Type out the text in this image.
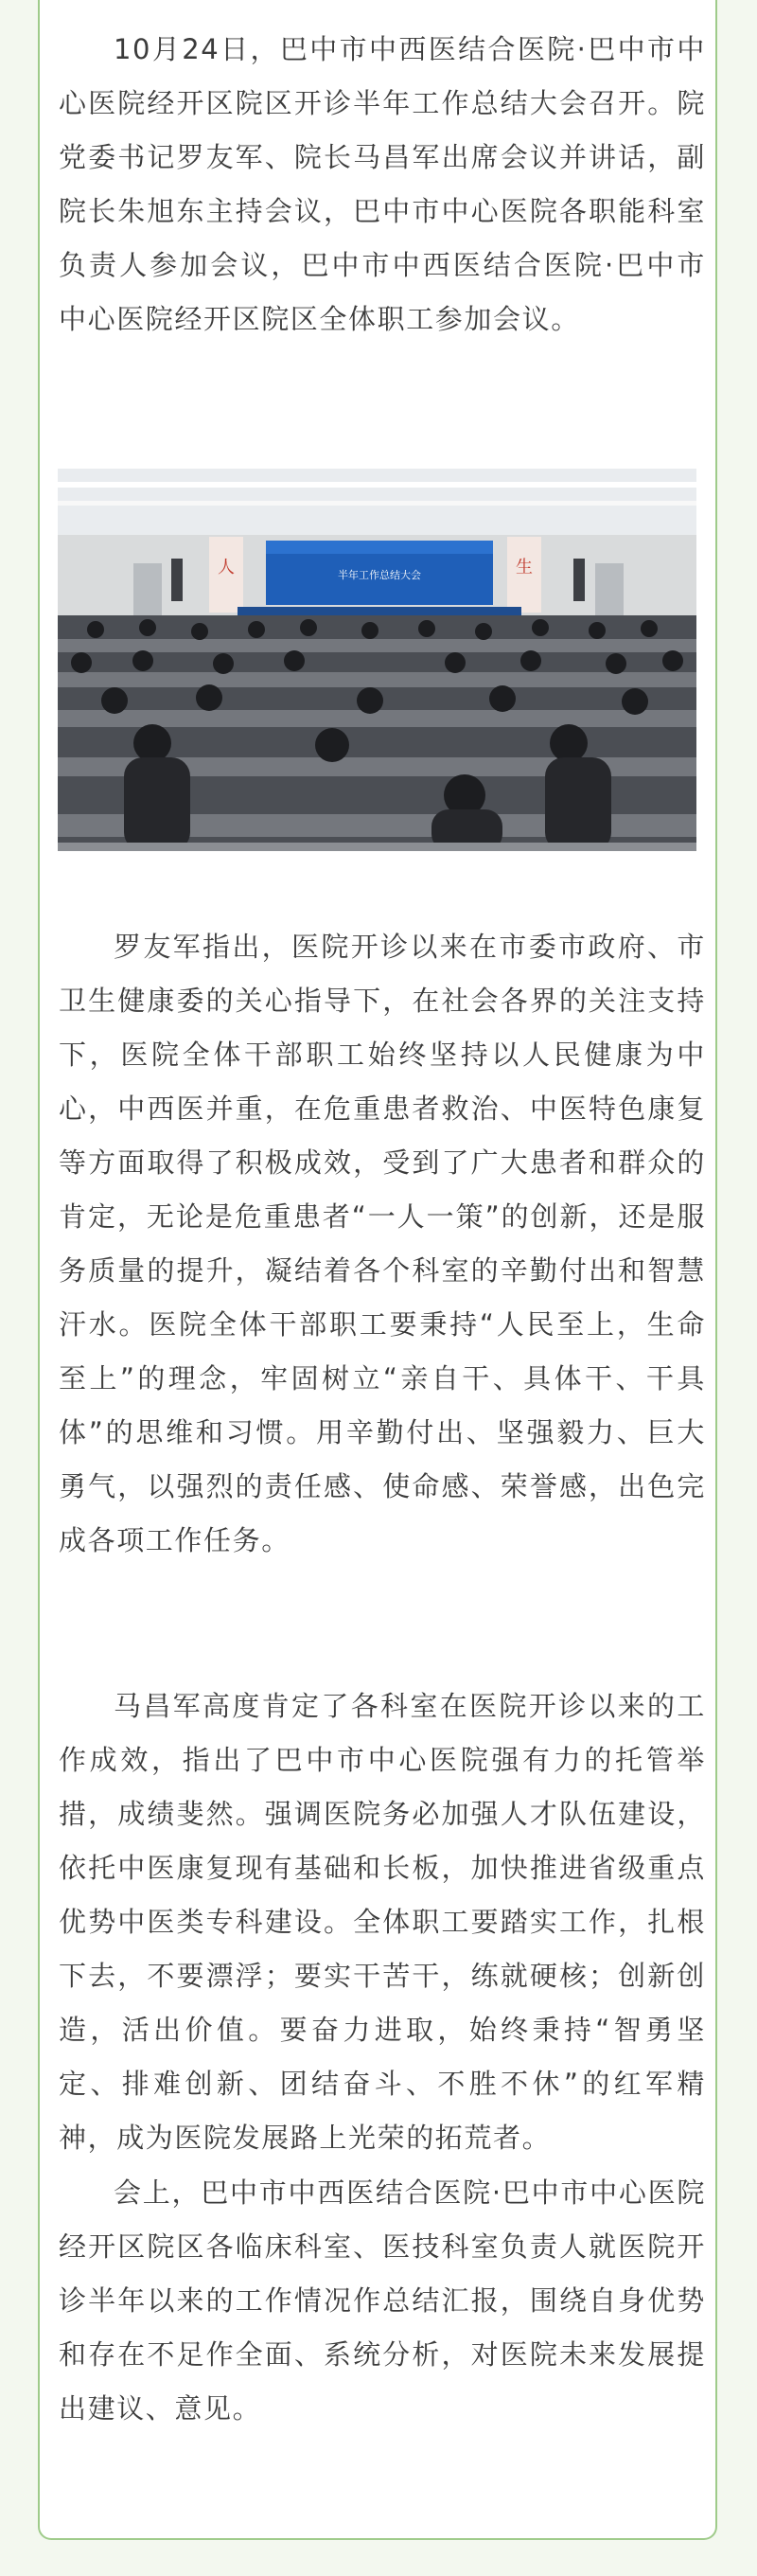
10月24日，巴中市中西医结合医院·巴中市中心医院经开区院区开诊半年工作总结大会召开。院党委书记罗友军、院长马昌军出席会议并讲话，副院长朱旭东主持会议，巴中市中心医院各职能科室负责人参加会议，巴中市中西医结合医院·巴中市中心医院经开区院区全体职工参加会议。

人	生
半年工作总结大会

罗友军指出，医院开诊以来在市委市政府、市卫生健康委的关心指导下，在社会各界的关注支持下，医院全体干部职工始终坚持以人民健康为中心，中西医并重，在危重患者救治、中医特色康复等方面取得了积极成效，受到了广大患者和群众的肯定，无论是危重患者“一人一策”的创新，还是服务质量的提升，凝结着各个科室的辛勤付出和智慧汗水。医院全体干部职工要秉持“人民至上，生命至上”的理念，牢固树立“亲自干、具体干、干具体”的思维和习惯。用辛勤付出、坚强毅力、巨大勇气，以强烈的责任感、使命感、荣誉感，出色完成各项工作任务。

马昌军高度肯定了各科室在医院开诊以来的工作成效，指出了巴中市中心医院强有力的托管举措，成绩斐然。强调医院务必加强人才队伍建设，依托中医康复现有基础和长板，加快推进省级重点优势中医类专科建设。全体职工要踏实工作，扎根下去，不要漂浮；要实干苦干，练就硬核；创新创造，活出价值。要奋力进取，始终秉持“智勇坚定、排难创新、团结奋斗、不胜不休”的红军精神，成为医院发展路上光荣的拓荒者。

会上，巴中市中西医结合医院·巴中市中心医院经开区院区各临床科室、医技科室负责人就医院开诊半年以来的工作情况作总结汇报，围绕自身优势和存在不足作全面、系统分析，对医院未来发展提出建议、意见。
